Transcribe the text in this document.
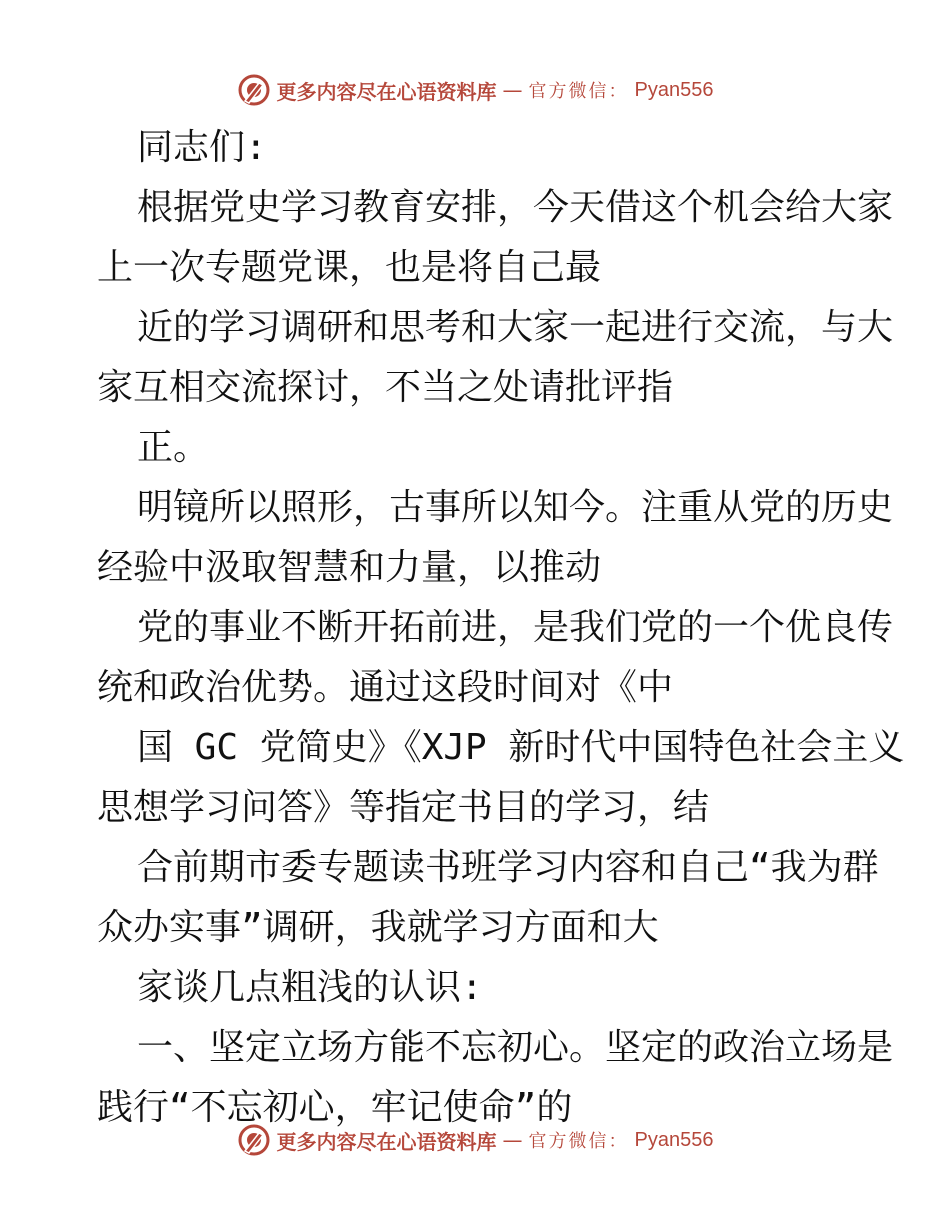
更多内容尽在心语资料库 — 官方微信： Pyan556
同志们:
根据党史学习教育安排，今天借这个机会给大家
上一次专题党课，也是将自己最
近的学习调研和思考和大家一起进行交流，与大
家互相交流探讨，不当之处请批评指
正。
明镜所以照形，古事所以知今。注重从党的历史
经验中汲取智慧和力量，以推动
党的事业不断开拓前进，是我们党的一个优良传
统和政治优势。通过这段时间对《中
国 GC 党简史》《XJP 新时代中国特色社会主义
思想学习问答》等指定书目的学习，结
合前期市委专题读书班学习内容和自己“我为群
众办实事”调研，我就学习方面和大
家谈几点粗浅的认识:
一、坚定立场方能不忘初心。坚定的政治立场是
践行“不忘初心，牢记使命”的
更多内容尽在心语资料库 — 官方微信： Pyan556
